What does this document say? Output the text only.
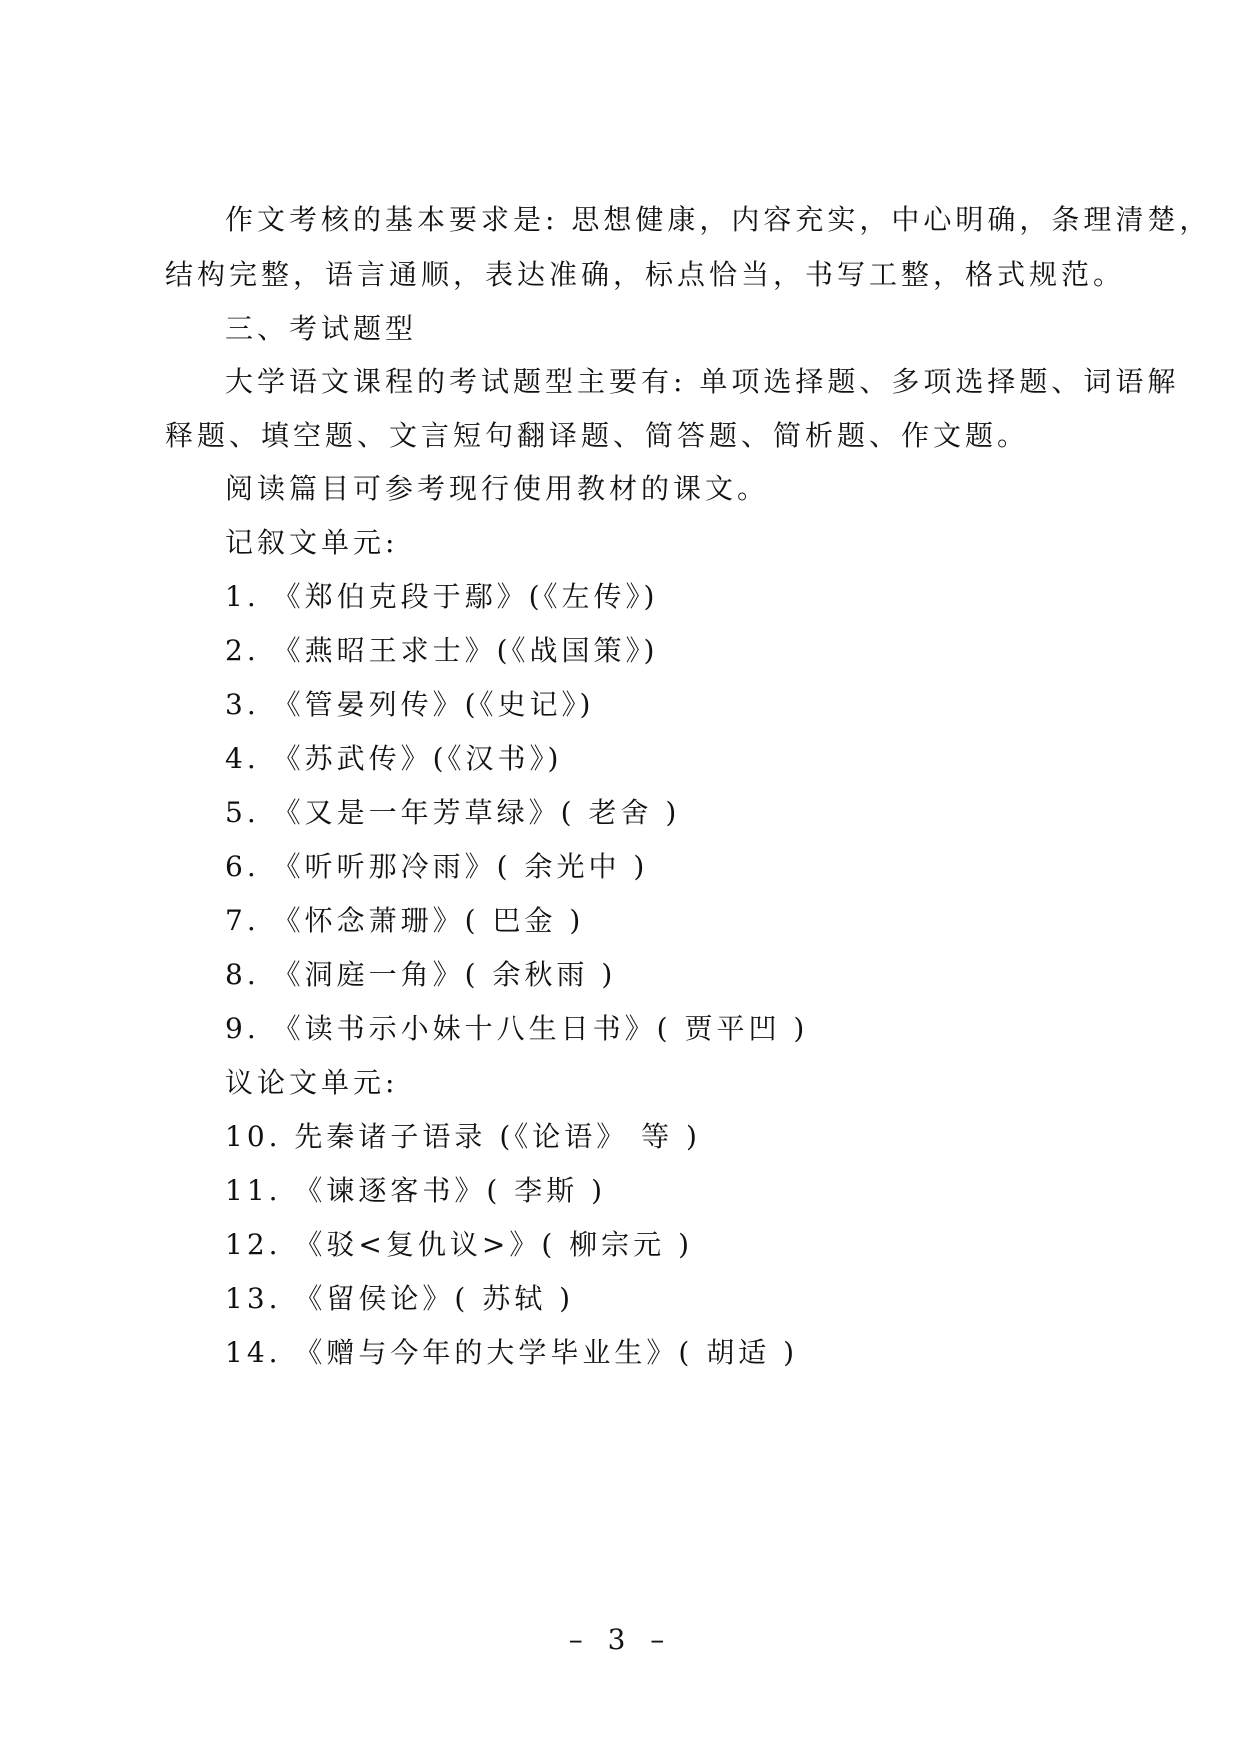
作文考核的基本要求是: 思想健康，内容充实，中心明确，条理清楚，
结构完整，语言通顺，表达准确，标点恰当，书写工整，格式规范。
三、考试题型
大学语文课程的考试题型主要有: 单项选择题、多项选择题、词语解
释题、填空题、文言短句翻译题、简答题、简析题、作文题。
阅读篇目可参考现行使用教材的课文。
记叙文单元:
1. 《郑伯克段于鄢》(《左传》)
2. 《燕昭王求士》(《战国策》)
3. 《管晏列传》(《史记》)
4. 《苏武传》(《汉书》)
5. 《又是一年芳草绿》( 老舍 )
6. 《听听那冷雨》( 余光中 )
7. 《怀念萧珊》( 巴金 )
8. 《洞庭一角》( 余秋雨 )
9. 《读书示小妹十八生日书》( 贾平凹 )
议论文单元:
10. 先秦诸子语录 (《论语》 等 )
11. 《谏逐客书》( 李斯 )
12. 《驳<复仇议>》( 柳宗元 )
13. 《留侯论》( 苏轼 )
14. 《赠与今年的大学毕业生》( 胡适 )
– 3 –
